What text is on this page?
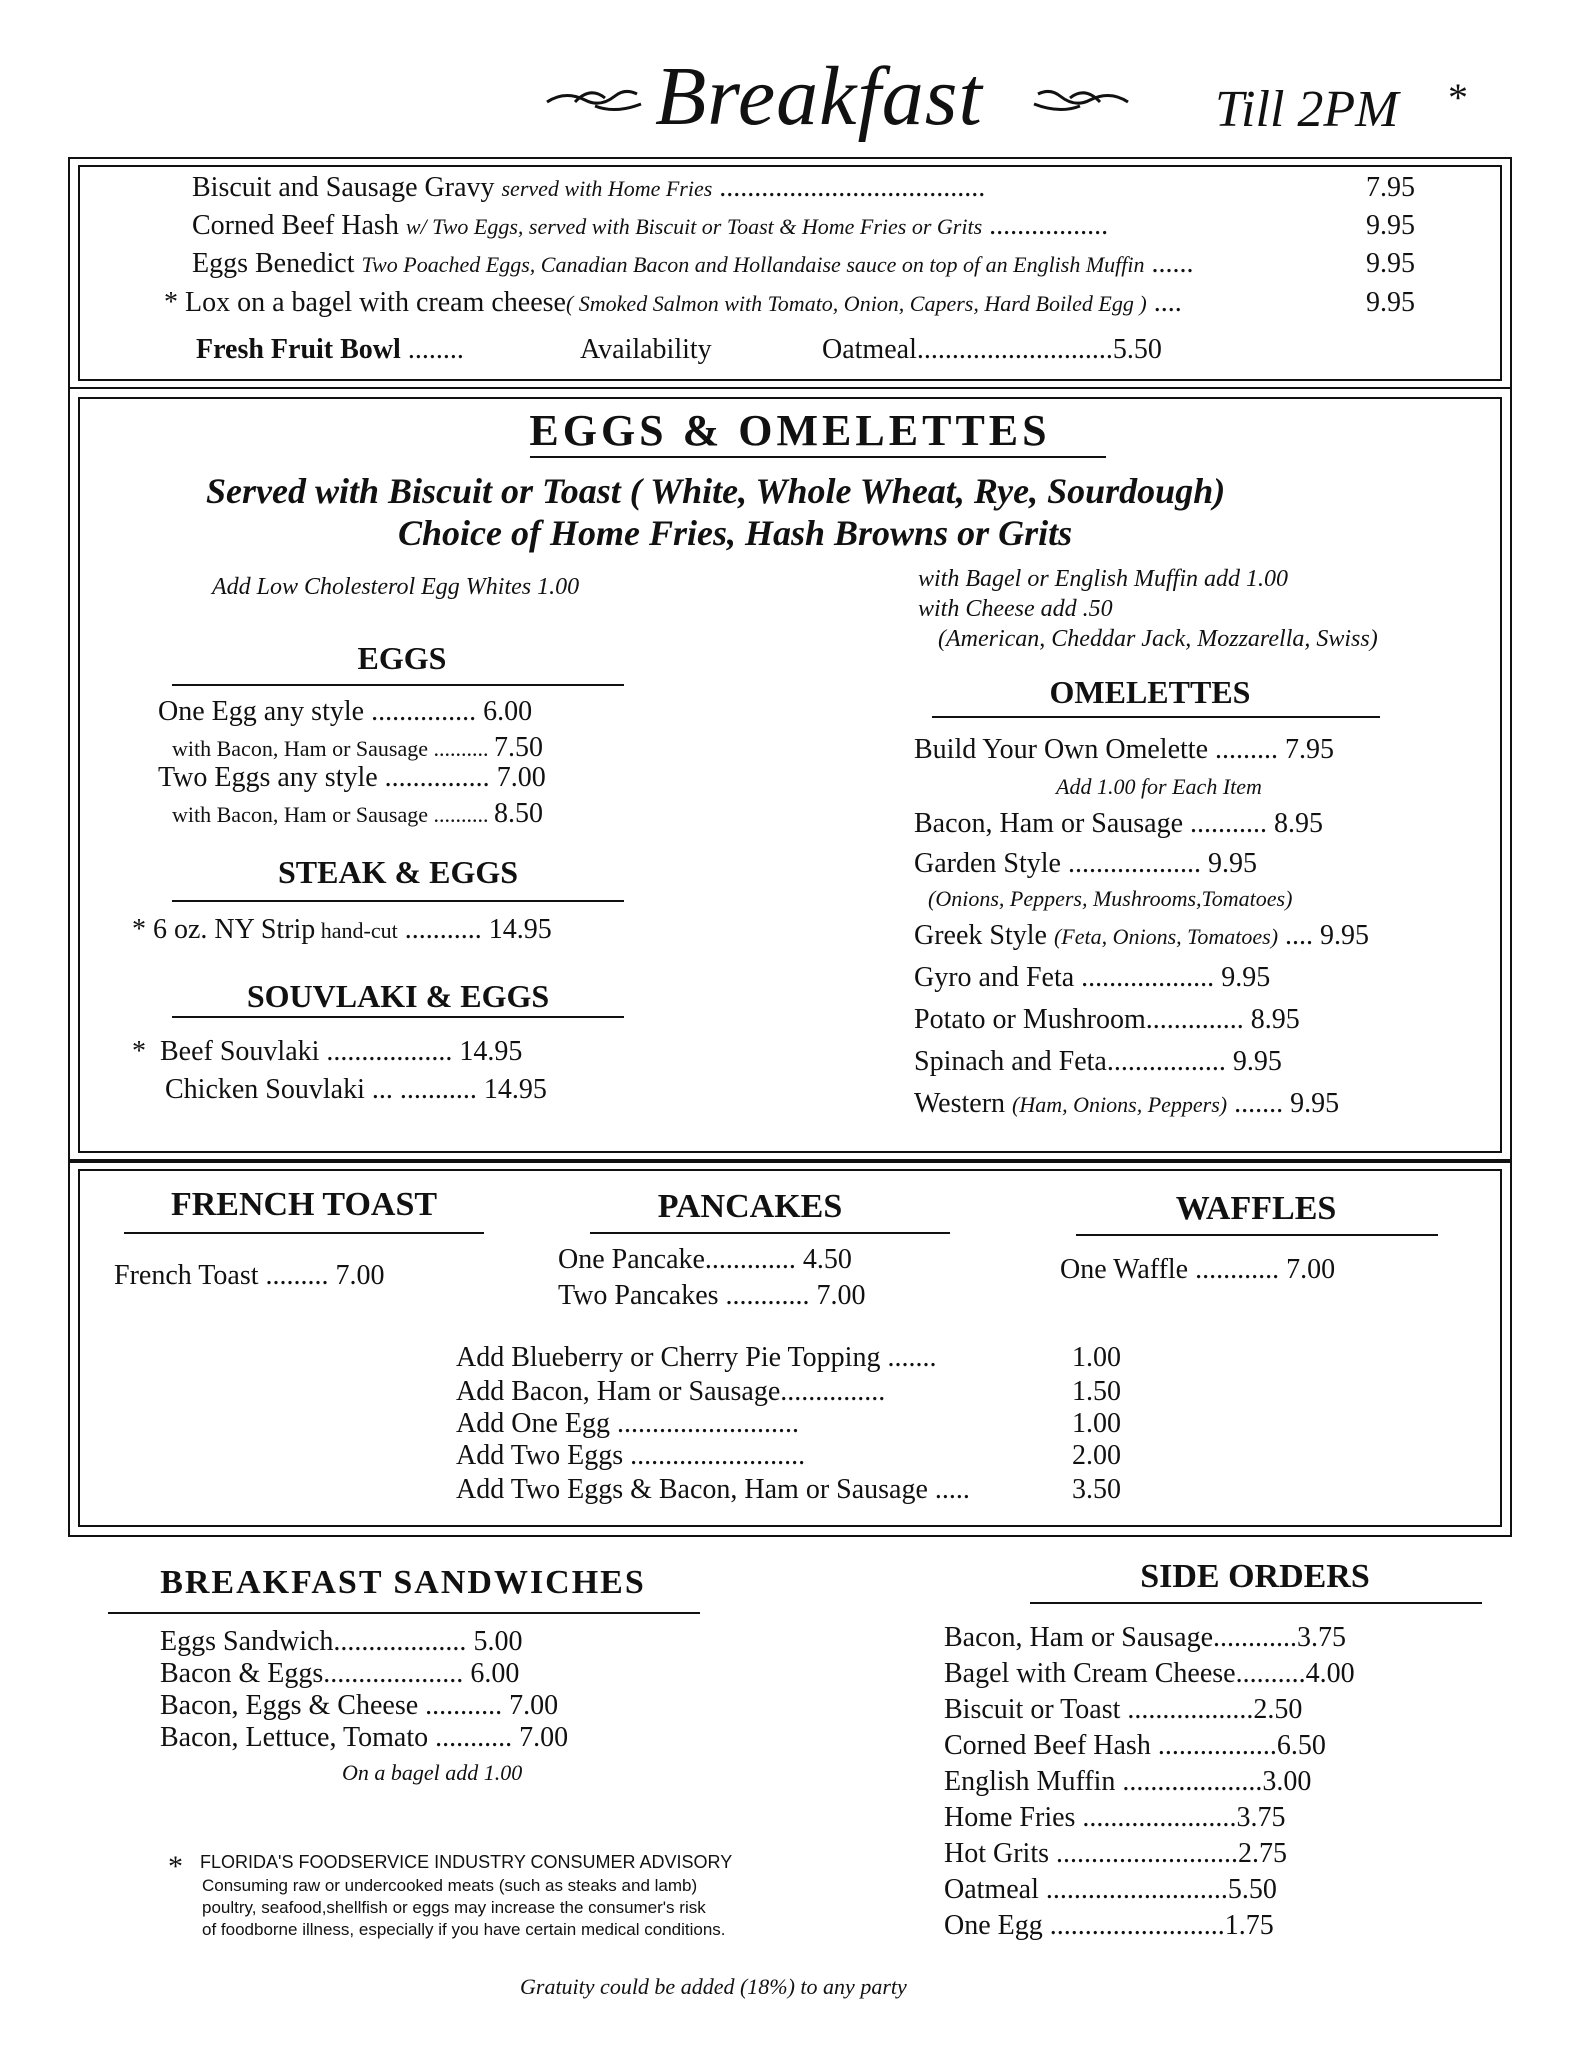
Breakfast	Till 2PM *
Biscuit and Sausage Gravy served with Home Fries ......................................	7.95
Corned Beef Hash w/ Two Eggs, served with Biscuit or Toast & Home Fries or Grits .................	9.95
Eggs Benedict Two Poached Eggs, Canadian Bacon and Hollandaise sauce on top of an English Muffin ......	9.95
* Lox on a bagel with cream cheese( Smoked Salmon with Tomato, Onion, Capers, Hard Boiled Egg ) ....	9.95
Fresh Fruit Bowl ........	Availability	Oatmeal............................5.50
EGGS & OMELETTES
Served with Biscuit or Toast ( White, Whole Wheat, Rye, Sourdough)
Choice of Home Fries, Hash Browns or Grits
Add Low Cholesterol Egg Whites 1.00	with Bagel or English Muffin add 1.00
with Cheese add .50
(American, Cheddar Jack, Mozzarella, Swiss)
EGGS
One Egg any style ............... 6.00
with Bacon, Ham or Sausage .......... 7.50
Two Eggs any style ............... 7.00
with Bacon, Ham or Sausage .......... 8.50
STEAK & EGGS
* 6 oz. NY Strip hand-cut ........... 14.95
SOUVLAKI & EGGS
* Beef Souvlaki .................. 14.95
Chicken Souvlaki ... ........... 14.95
OMELETTES
Build Your Own Omelette ......... 7.95
Add 1.00 for Each Item
Bacon, Ham or Sausage ........... 8.95
Garden Style ................... 9.95
(Onions, Peppers, Mushrooms,Tomatoes)
Greek Style (Feta, Onions, Tomatoes) .... 9.95
Gyro and Feta ................... 9.95
Potato or Mushroom.............. 8.95
Spinach and Feta................. 9.95
Western (Ham, Onions, Peppers) ....... 9.95
FRENCH TOAST
French Toast ......... 7.00
PANCAKES
One Pancake............. 4.50
Two Pancakes ............ 7.00
WAFFLES
One Waffle ............ 7.00
Add Blueberry or Cherry Pie Topping .......	1.00
Add Bacon, Ham or Sausage...............	1.50
Add One Egg ..........................	1.00
Add Two Eggs .........................	2.00
Add Two Eggs & Bacon, Ham or Sausage .....	3.50
BREAKFAST SANDWICHES
Eggs Sandwich................... 5.00
Bacon & Eggs.................... 6.00
Bacon, Eggs & Cheese ........... 7.00
Bacon, Lettuce, Tomato ........... 7.00
On a bagel add 1.00
SIDE ORDERS
Bacon, Ham or Sausage............3.75
Bagel with Cream Cheese..........4.00
Biscuit or Toast ..................2.50
Corned Beef Hash .................6.50
English Muffin ....................3.00
Home Fries ......................3.75
Hot Grits ..........................2.75
Oatmeal ..........................5.50
One Egg .........................1.75
* FLORIDA'S FOODSERVICE INDUSTRY CONSUMER ADVISORY
Consuming raw or undercooked meats (such as steaks and lamb)
poultry, seafood,shellfish or eggs may increase the consumer's risk
of foodborne illness, especially if you have certain medical conditions.
Gratuity could be added (18%) to any party
